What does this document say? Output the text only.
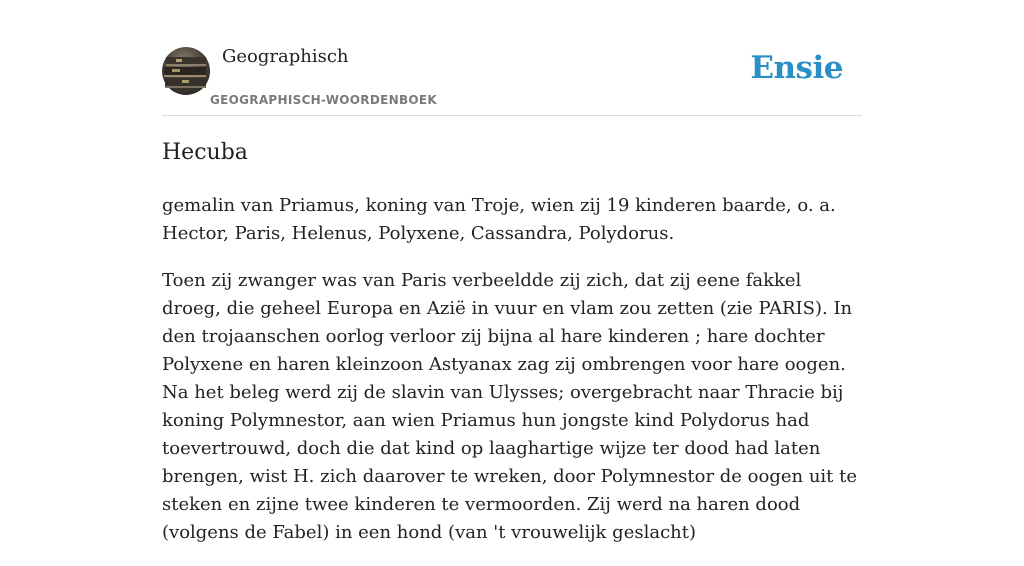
Geographisch
GEOGRAPHISCH-WOORDENBOEK
Ensie
Hecuba

gemalin van Priamus, koning van Troje, wien zij 19 kinderen baarde, o. a. Hector, Paris, Helenus, Polyxene, Cassandra, Polydorus.

Toen zij zwanger was van Paris verbeeldde zij zich, dat zij eene fakkel droeg, die geheel Europa en Azië in vuur en vlam zou zetten (zie PARIS). In den trojaanschen oorlog verloor zij bijna al hare kinderen ; hare dochter Polyxene en haren kleinzoon Astyanax zag zij ombrengen voor hare oogen. Na het beleg werd zij de slavin van Ulysses; overgebracht naar Thracie bij koning Polymnestor, aan wien Priamus hun jongste kind Polydorus had toevertrouwd, doch die dat kind op laaghartige wijze ter dood had laten brengen, wist H. zich daarover te wreken, door Polymnestor de oogen uit te steken en zijne twee kinderen te vermoorden. Zij werd na haren dood (volgens de Fabel) in een hond (van 't vrouwelijk geslacht)
